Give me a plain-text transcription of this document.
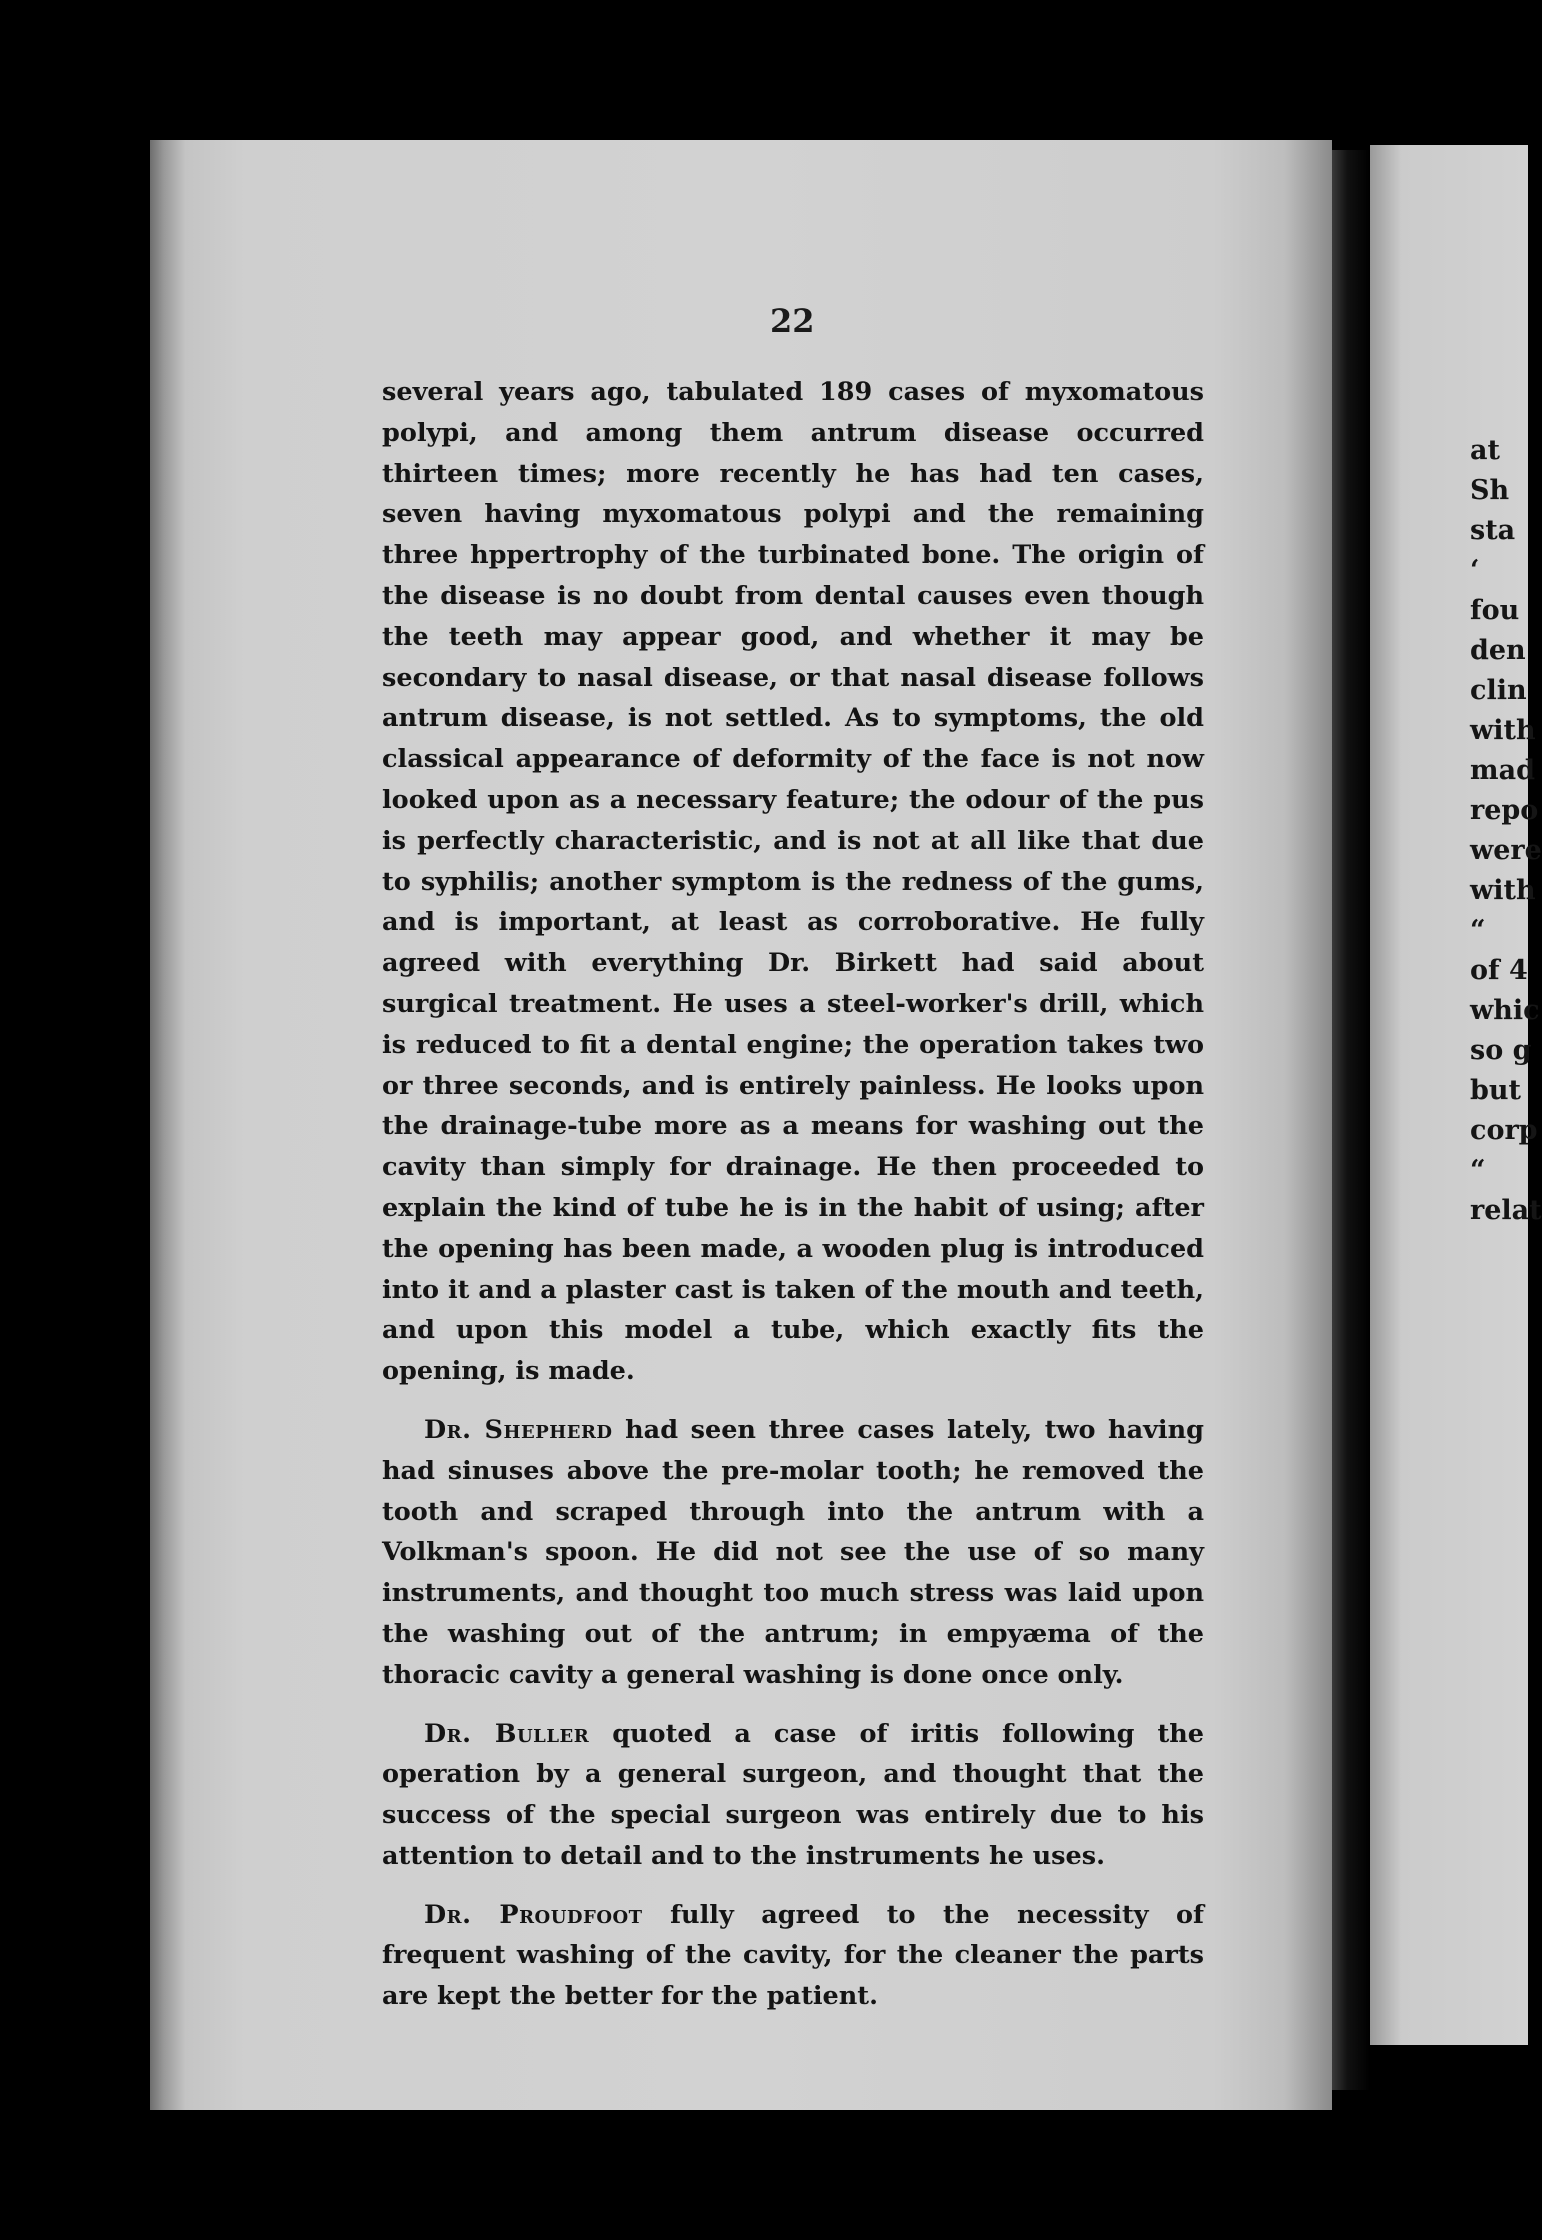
at
Sh
sta
‘
fou
den
clin
with
mad
repo
were
with
“
of 4
whic
so g
but
corp
“
relat
22

several years ago, tabulated 189 cases of myxomatous polypi, and among them antrum disease occurred thirteen times; more recently he has had ten cases, seven having myxomatous polypi and the remaining three hppertrophy of the turbinated bone. The origin of the disease is no doubt from dental causes even though the teeth may appear good, and whether it may be secondary to nasal disease, or that nasal disease follows antrum disease, is not settled. As to symptoms, the old classical appearance of deformity of the face is not now looked upon as a necessary feature; the odour of the pus is perfectly characteristic, and is not at all like that due to syphilis; another symptom is the redness of the gums, and is important, at least as corroborative. He fully agreed with everything Dr. Birkett had said about surgical treatment. He uses a steel-worker's drill, which is reduced to fit a dental engine; the operation takes two or three seconds, and is entirely painless. He looks upon the drainage-tube more as a means for washing out the cavity than simply for drainage. He then proceeded to explain the kind of tube he is in the habit of using; after the opening has been made, a wooden plug is introduced into it and a plaster cast is taken of the mouth and teeth, and upon this model a tube, which exactly fits the opening, is made.

Dr. Shepherd had seen three cases lately, two having had sinuses above the pre-molar tooth; he removed the tooth and scraped through into the antrum with a Volkman's spoon. He did not see the use of so many instruments, and thought too much stress was laid upon the washing out of the antrum; in empyæma of the thoracic cavity a general washing is done once only.

Dr. Buller quoted a case of iritis following the operation by a general surgeon, and thought that the success of the special surgeon was entirely due to his attention to detail and to the instruments he uses.

Dr. Proudfoot fully agreed to the necessity of frequent washing of the cavity, for the cleaner the parts are kept the better for the patient.
